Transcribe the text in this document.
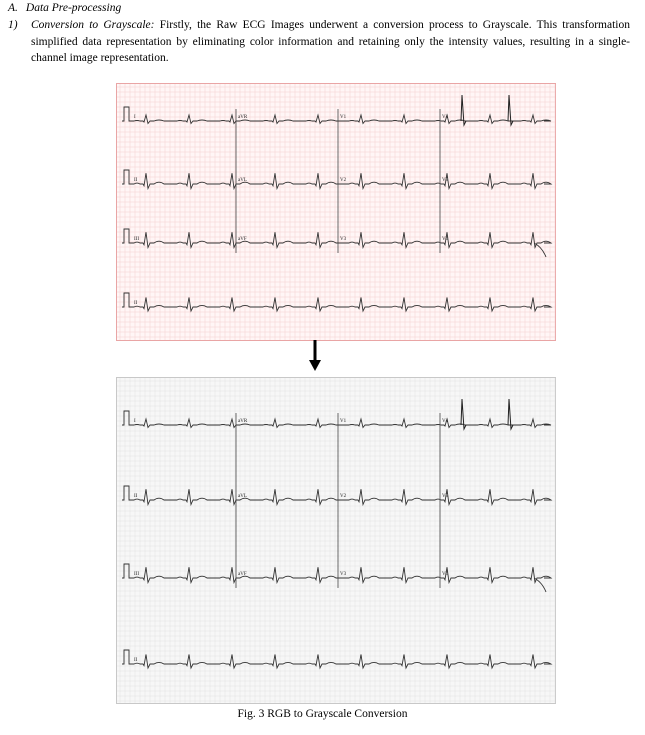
A. Data Pre-processing
1) Conversion to Grayscale: Firstly, the Raw ECG Images underwent a conversion process to Grayscale. This transformation simplified data representation by eliminating color information and retaining only the intensity values, resulting in a single-channel image representation.
I	aVR	V1	V4
II	aVL	V2	V5
III	aVF	V3	V6
II
I	aVR	V1	V4
II	aVL	V2	V5
III	aVF	V3	V6
II
Fig. 3 RGB to Grayscale Conversion
